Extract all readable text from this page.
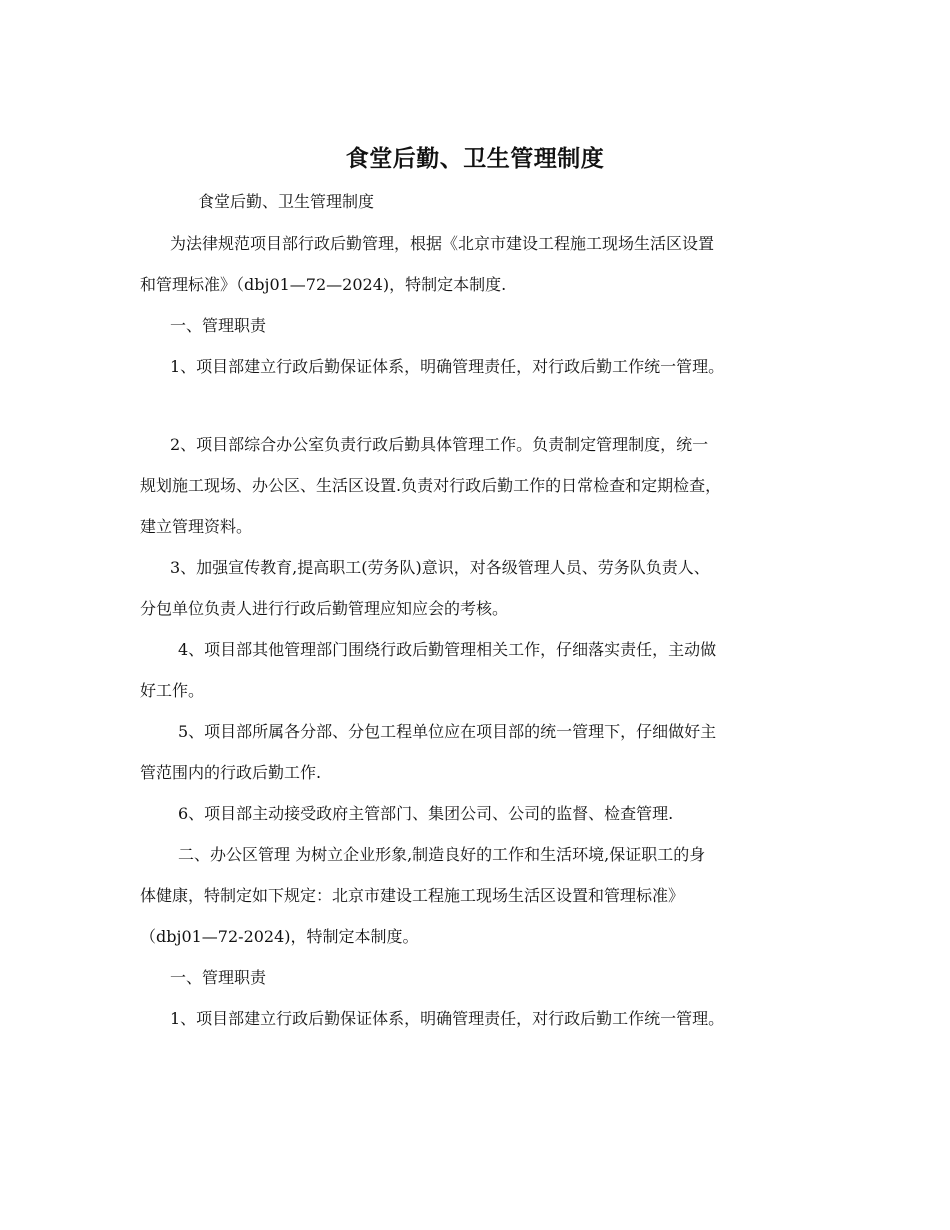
食堂后勤、卫生管理制度

食堂后勤、卫生管理制度

为法律规范项目部行政后勤管理，根据《北京市建设工程施工现场生活区设置

和管理标准》（dbj01—72—2024)，特制定本制度.

一、管理职责

1、项目部建立行政后勤保证体系，明确管理责任，对行政后勤工作统一管理。

2、项目部综合办公室负责行政后勤具体管理工作。负责制定管理制度，统一

规划施工现场、办公区、生活区设置.负责对行政后勤工作的日常检查和定期检查，

建立管理资料。

3、加强宣传教育,提高职工(劳务队)意识，对各级管理人员、劳务队负责人、

分包单位负责人进行行政后勤管理应知应会的考核。

4、项目部其他管理部门围绕行政后勤管理相关工作，仔细落实责任，主动做

好工作。

5、项目部所属各分部、分包工程单位应在项目部的统一管理下，仔细做好主

管范围内的行政后勤工作.

6、项目部主动接受政府主管部门、集团公司、公司的监督、检查管理.

二、办公区管理 为树立企业形象,制造良好的工作和生活环境,保证职工的身

体健康，特制定如下规定：北京市建设工程施工现场生活区设置和管理标准》

（dbj01—72-2024)，特制定本制度。

一、管理职责

1、项目部建立行政后勤保证体系，明确管理责任，对行政后勤工作统一管理。
